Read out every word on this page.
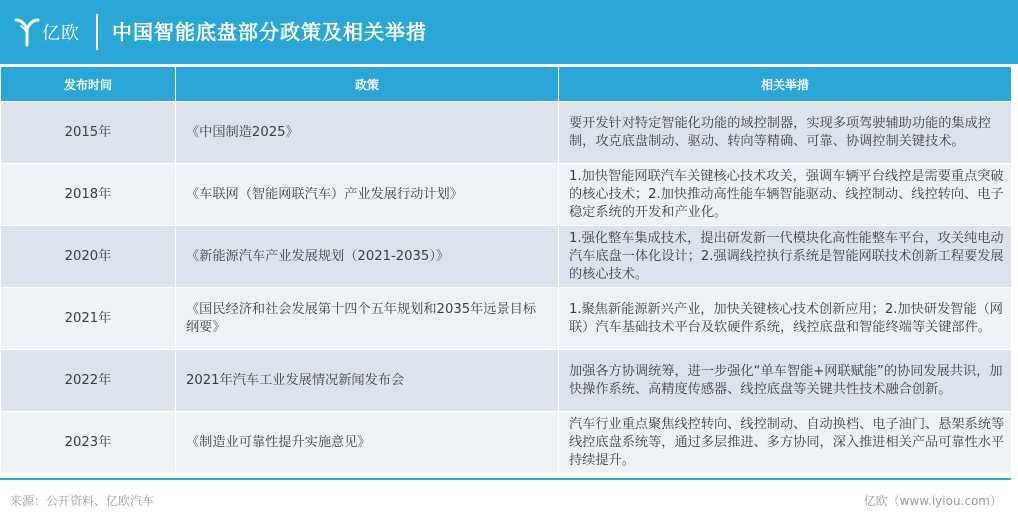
亿欧 中国智能底盘部分政策及相关举措
发布时间	政策	相关举措
2015年	《中国制造2025》	要开发针对特定智能化功能的域控制器，实现多项驾驶辅助功能的集成控制，攻克底盘制动、驱动、转向等精确、可靠、协调控制关键技术。
2018年	《车联网（智能网联汽车）产业发展行动计划》	1.加快智能网联汽车关键核心技术攻关，强调车辆平台线控是需要重点突破的核心技术；2.加快推动高性能车辆智能驱动、线控制动、线控转向、电子稳定系统的开发和产业化。
2020年	《新能源汽车产业发展规划（2021-2035）》	1.强化整车集成技术，提出研发新一代模块化高性能整车平台，攻关纯电动汽车底盘一体化设计；2.强调线控执行系统是智能网联技术创新工程要发展的核心技术。
2021年	《国民经济和社会发展第十四个五年规划和2035年远景目标纲要》	1.聚焦新能源新兴产业，加快关键核心技术创新应用；2.加快研发智能（网联）汽车基础技术平台及软硬件系统，线控底盘和智能终端等关键部件。
2022年	2021年汽车工业发展情况新闻发布会	加强各方协调统筹，进一步强化“单车智能+网联赋能”的协同发展共识，加快操作系统、高精度传感器、线控底盘等关键共性技术融合创新。
2023年	《制造业可靠性提升实施意见》	汽车行业重点聚焦线控转向、线控制动、自动换档、电子油门、悬架系统等线控底盘系统等，通过多层推进、多方协同，深入推进相关产品可靠性水平持续提升。
来源：公开资料、亿欧汽车	亿欧（www.iyiou.com）
